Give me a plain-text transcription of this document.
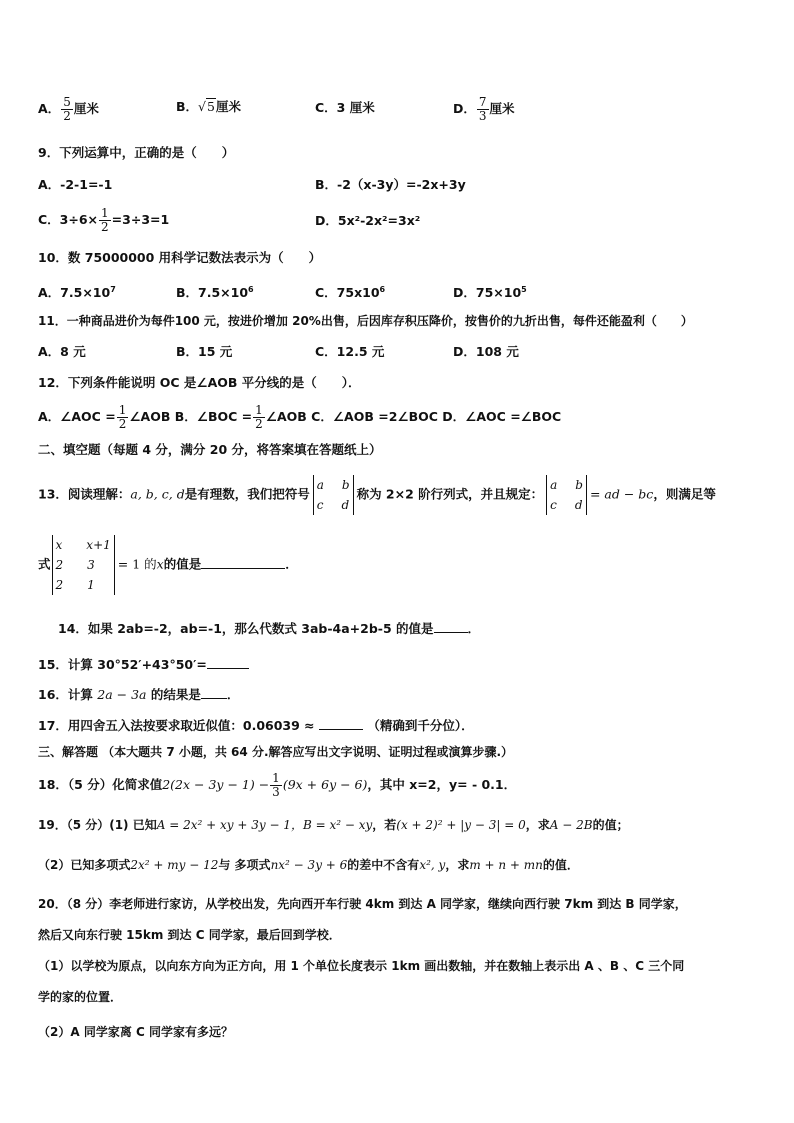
A． $\frac{5}{2}$ 厘米	B．√5厘米	C．3 厘米	D． $\frac{7}{3}$ 厘米
9．下列运算中，正确的是（　　）
A．-2-1=-1	B．-2（x-3y）=-2x+3y
C．$3\div 6\times \frac{1}{2} =3\div 3=1$	D．5x²-2x²=3x²
10．数 75000000 用科学记数法表示为（　　）
A．$7.5\times 10^7$	B．$7.5\times 10^6$	C．$75x10^6$	D．$75\times 10^5$
11．一种商品进价为每件100 元，按进价增加 20%出售，后因库存积压降价，按售价的九折出售，每件还能盈利（　　）
A．8 元	B．15 元	C．12.5 元	D．108 元
12．下列条件能说明 OC 是∠AOB 平分线的是（　　）．
A．∠AOC = $\frac{1}{2}$ ∠AOB B．∠BOC = $\frac{1}{2}$ ∠AOB C．∠AOB =2∠BOC D．∠AOC =∠BOC
二、填空题（每题 4 分，满分 20 分，将答案填在答题纸上）
13．阅读理解：a, b, c, d是有理数，我们把符号
a b
c d
称为 2×2 阶行列式，并且规定：
a b
c d
= ad − bc，则满足等
式
x x+1
2 3
2 1
= 1 的x的值是	．
14．如果 2ab=-2，ab=-1，那么代数式 3ab-4a+2b-5 的值是	．
15．计算 30°52′+43°50′=
16．计算 2a − 3a 的结果是 ．
17．用四舍五入法按要求取近似值：0.06039 ≈	（精确到千分位）．
三、解答题 （本大题共 7 小题，共 64 分.解答应写出文字说明、证明过程或演算步骤.）
18．（5 分）化简求值$2(2x - 3y - 1) - \frac{1}{3} (9x + 6y - 6)$，其中 x=2，y= - 0.1．
19．（5 分）(1) 已知A = 2x² + xy + 3y − 1，B = x² − xy，若(x + 2)² + |y − 3| = 0，求A − 2B的值；
（2）已知多项式2x² + my − 12与 多项式nx² − 3y + 6的差中不含有x², y，求m + n + mn的值．
20．（8 分）李老师进行家访，从学校出发，先向西开车行驶 4km 到达 A 同学家，继续向西行驶 7km 到达 B 同学家，
然后又向东行驶 15km 到达 C 同学家，最后回到学校．
（1）以学校为原点，以向东方向为正方向，用 1 个单位长度表示 1km 画出数轴，并在数轴上表示出 A 、B 、C 三个同
学的家的位置．
（2）A 同学家离 C 同学家有多远？
